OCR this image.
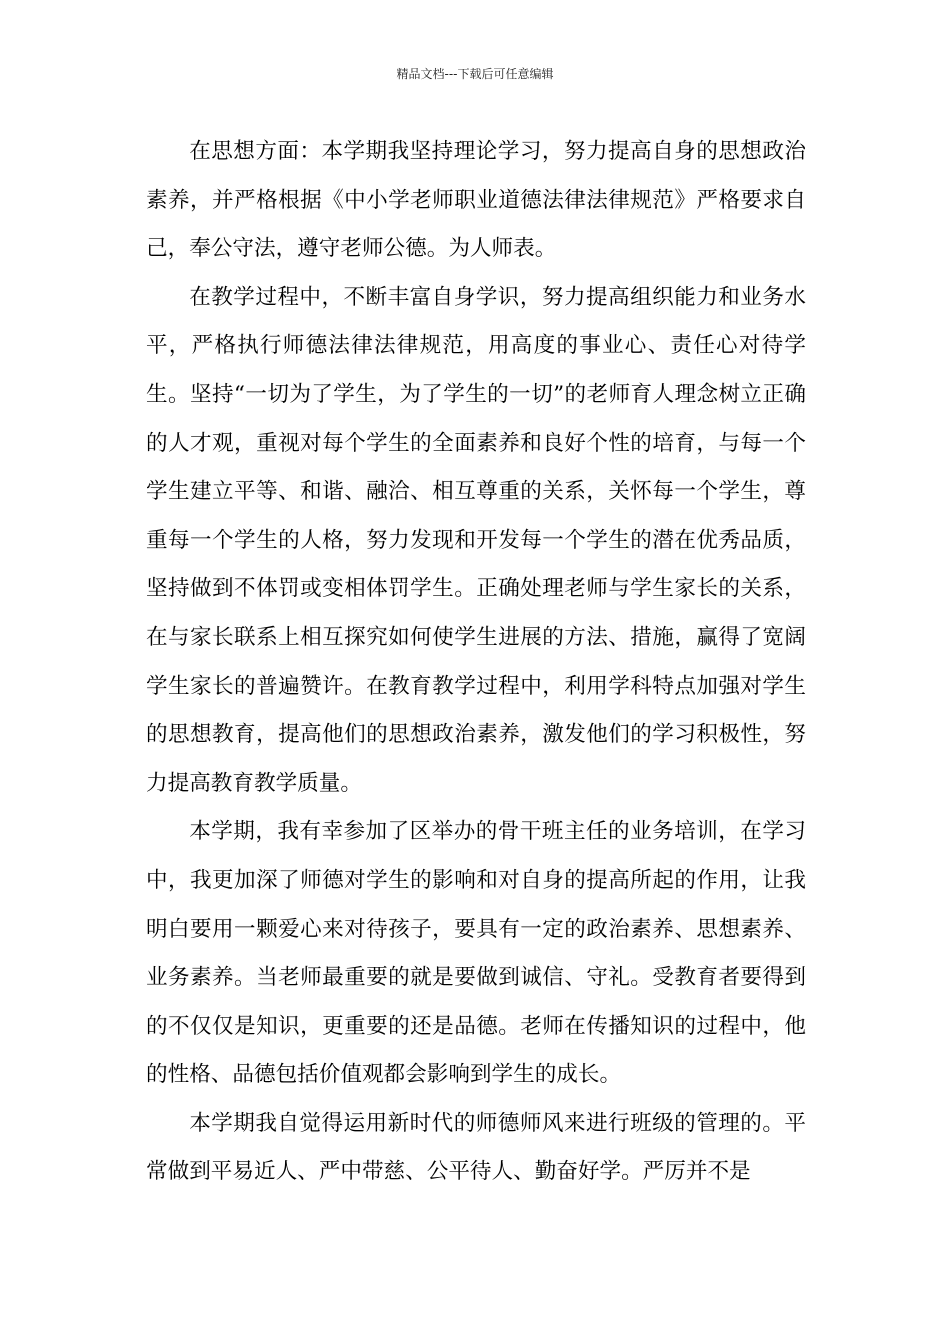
精品文档---下载后可任意编辑

在思想方面：本学期我坚持理论学习，努力提高自身的思想政治素养，并严格根据《中小学老师职业道德法律法律规范》严格要求自己，奉公守法，遵守老师公德。为人师表。

在教学过程中，不断丰富自身学识，努力提高组织能力和业务水平，严格执行师德法律法律规范，用高度的事业心、责任心对待学生。坚持“一切为了学生，为了学生的一切”的老师育人理念树立正确的人才观，重视对每个学生的全面素养和良好个性的培育，与每一个学生建立平等、和谐、融洽、相互尊重的关系，关怀每一个学生，尊重每一个学生的人格，努力发现和开发每一个学生的潜在优秀品质，坚持做到不体罚或变相体罚学生。正确处理老师与学生家长的关系，在与家长联系上相互探究如何使学生进展的方法、措施，赢得了宽阔学生家长的普遍赞许。在教育教学过程中，利用学科特点加强对学生的思想教育，提高他们的思想政治素养，激发他们的学习积极性，努力提高教育教学质量。

本学期，我有幸参加了区举办的骨干班主任的业务培训，在学习中，我更加深了师德对学生的影响和对自身的提高所起的作用，让我明白要用一颗爱心来对待孩子，要具有一定的政治素养、思想素养、业务素养。当老师最重要的就是要做到诚信、守礼。受教育者要得到的不仅仅是知识，更重要的还是品德。老师在传播知识的过程中，他的性格、品德包括价值观都会影响到学生的成长。

本学期我自觉得运用新时代的师德师风来进行班级的管理的。平常做到平易近人、严中带慈、公平待人、勤奋好学。严厉并不是
